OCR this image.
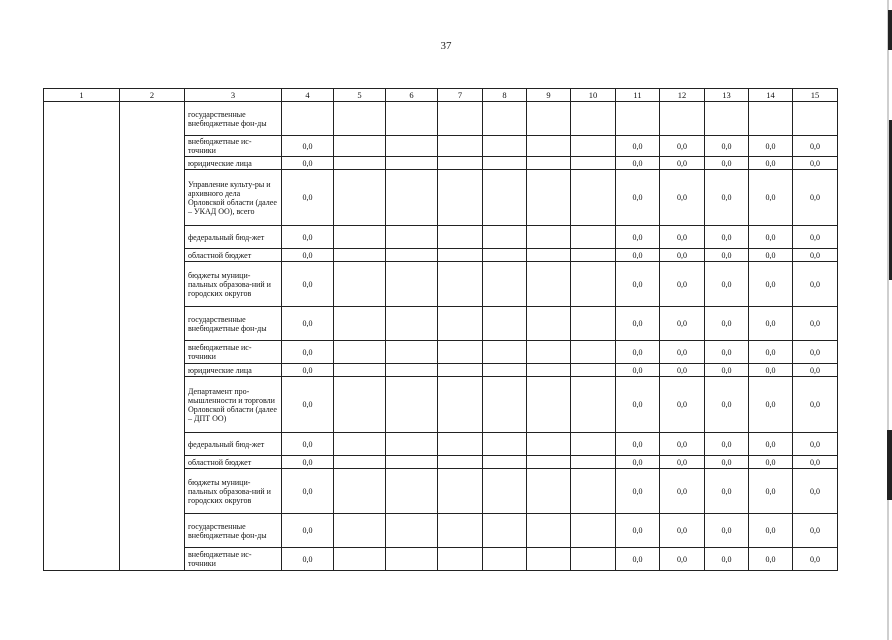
37
1	2	3	4	5	6	7	8	9	10	11	12	13	14	15
		государственные внебюджетные фон-ды												
		внебюджетные ис-точники	0,0							0,0	0,0	0,0	0,0	0,0
		юридические лица	0,0							0,0	0,0	0,0	0,0	0,0
		Управление культу-ры и архивного дела Орловской области (далее – УКАД ОО), всего	0,0							0,0	0,0	0,0	0,0	0,0
		федеральный бюд-жет	0,0							0,0	0,0	0,0	0,0	0,0
		областной бюджет	0,0							0,0	0,0	0,0	0,0	0,0
		бюджеты муници-пальных образова-ний и городских округов	0,0							0,0	0,0	0,0	0,0	0,0
		государственные внебюджетные фон-ды	0,0							0,0	0,0	0,0	0,0	0,0
		внебюджетные ис-точники	0,0							0,0	0,0	0,0	0,0	0,0
		юридические лица	0,0							0,0	0,0	0,0	0,0	0,0
		Департамент про-мышленности и торговли Орловской области (далее – ДПТ ОО)	0,0							0,0	0,0	0,0	0,0	0,0
		федеральный бюд-жет	0,0							0,0	0,0	0,0	0,0	0,0
		областной бюджет	0,0							0,0	0,0	0,0	0,0	0,0
		бюджеты муници-пальных образова-ний и городских округов	0,0							0,0	0,0	0,0	0,0	0,0
		государственные внебюджетные фон-ды	0,0							0,0	0,0	0,0	0,0	0,0
		внебюджетные ис-точники	0,0							0,0	0,0	0,0	0,0	0,0
